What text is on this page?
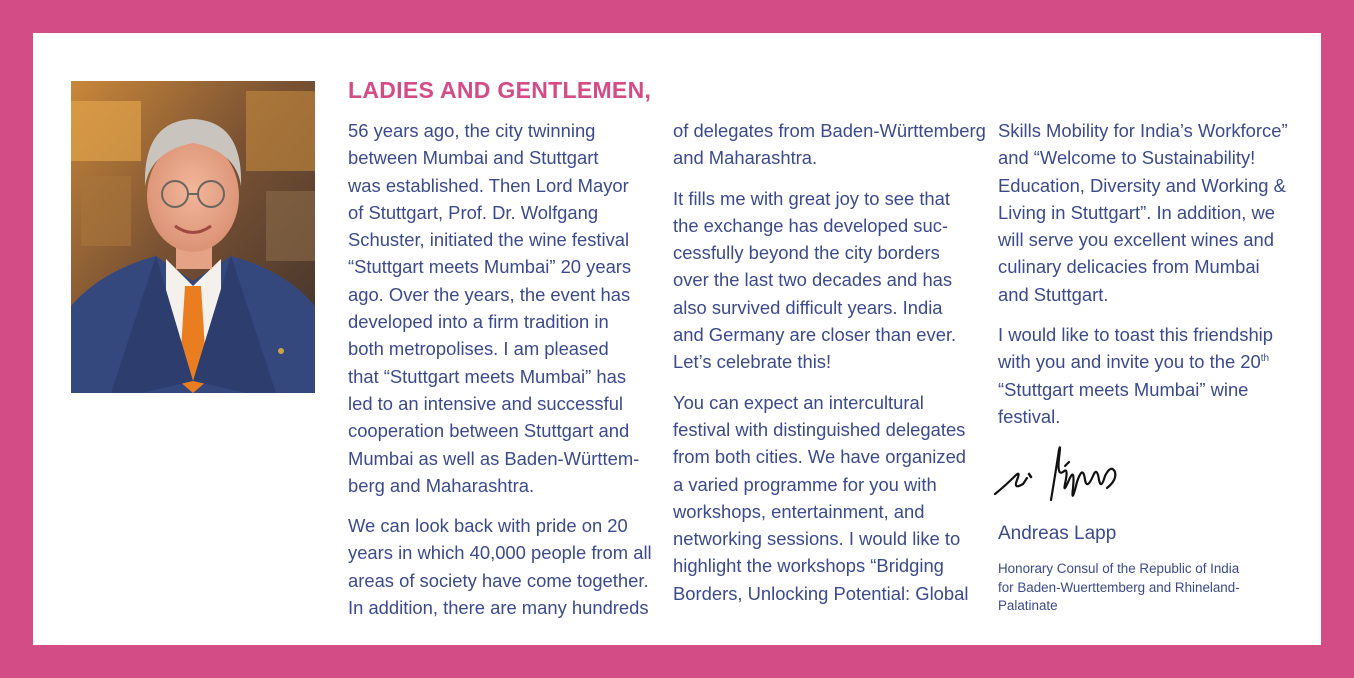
LADIES AND GENTLEMEN,

56 years ago, the city twinning
between Mumbai and Stuttgart
was established. Then Lord Mayor
of Stuttgart, Prof. Dr. Wolfgang
Schuster, initiated the wine festival
“Stuttgart meets Mumbai” 20 years
ago. Over the years, the event has
developed into a firm tradition in
both metropolises. I am pleased
that “Stuttgart meets Mumbai” has
led to an intensive and successful
cooperation between Stuttgart and
Mumbai as well as Baden-Württem-
berg and Maharashtra.

We can look back with pride on 20
years in which 40,000 people from all
areas of society have come together.
In addition, there are many hundreds

of delegates from Baden-Württemberg
and Maharashtra.

It fills me with great joy to see that
the exchange has developed suc-
cessfully beyond the city borders
over the last two decades and has
also survived difficult years. India
and Germany are closer than ever.
Let’s celebrate this!

You can expect an intercultural
festival with distinguished delegates
from both cities. We have organized
a varied programme for you with
workshops, entertainment, and
networking sessions. I would like to
highlight the workshops “Bridging
Borders, Unlocking Potential: Global

Skills Mobility for India’s Workforce”
and “Welcome to Sustainability!
Education, Diversity and Working &
Living in Stuttgart”. In addition, we
will serve you excellent wines and
culinary delicacies from Mumbai
and Stuttgart.

I would like to toast this friendship
with you and invite you to the 20th
“Stuttgart meets Mumbai” wine
festival.

Andreas Lapp

Honorary Consul of the Republic of India
for Baden-Wuerttemberg and Rhineland-
Palatinate
